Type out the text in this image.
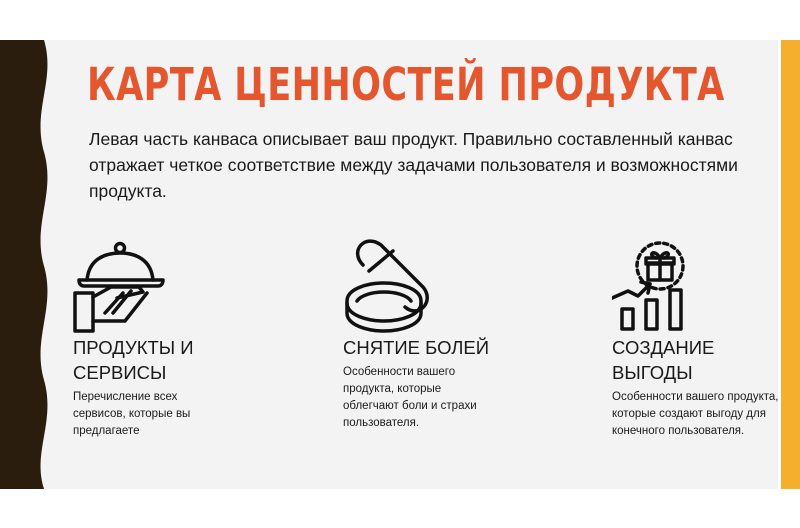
КАРТА ЦЕННОСТЕЙ ПРОДУКТА

Левая часть канваса описывает ваш продукт. Правильно составленный канвас отражает четкое соответствие между задачами пользователя и возможностями продукта.

ПРОДУКТЫ И СЕРВИСЫ

Перечисление всех сервисов, которые вы предлагаете

СНЯТИЕ БОЛЕЙ

Особенности вашего продукта, которые облегчают боли и страхи пользователя.

СОЗДАНИЕ ВЫГОДЫ

Особенности вашего продукта, которые создают выгоду для конечного пользователя.
